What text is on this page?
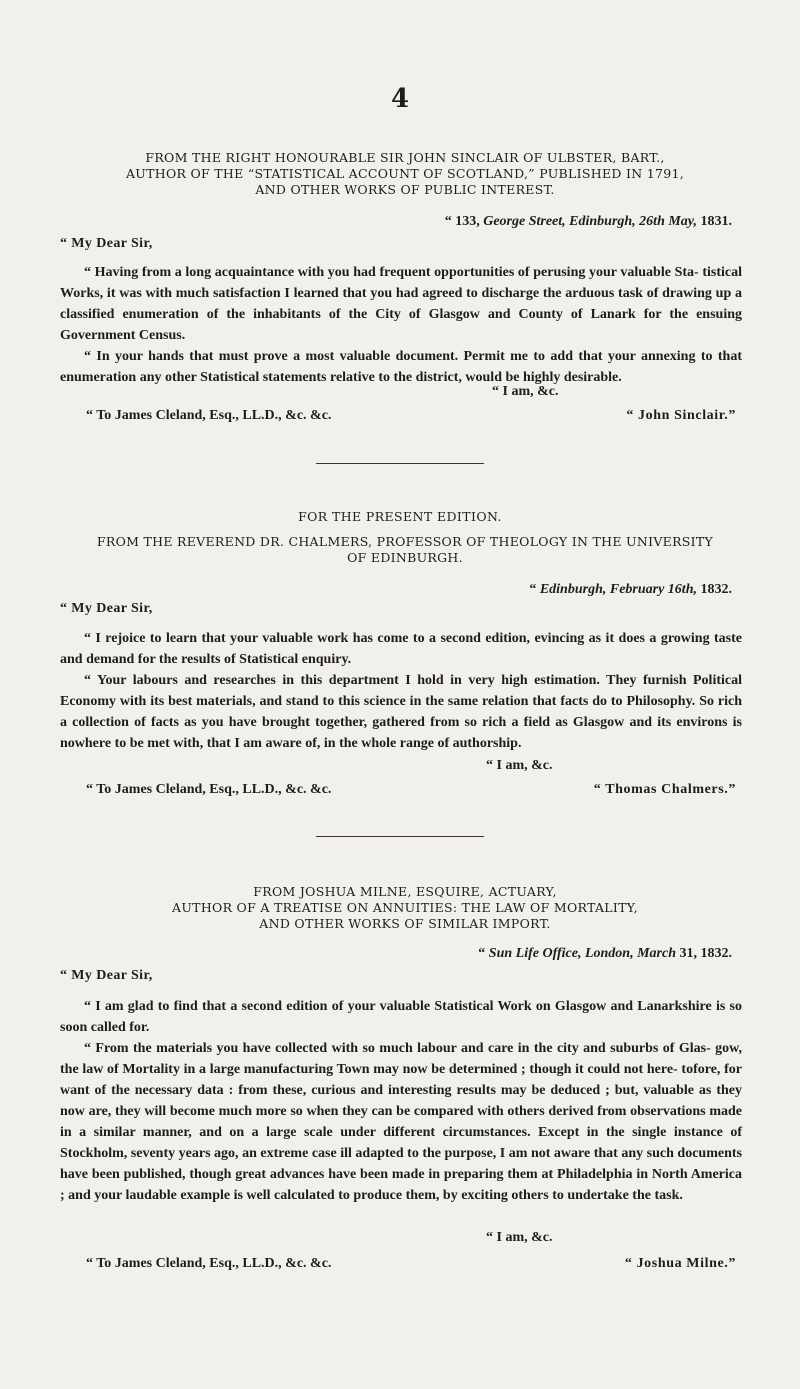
4
FROM THE RIGHT HONOURABLE SIR JOHN SINCLAIR OF ULBSTER, BART.,
AUTHOR OF THE “STATISTICAL ACCOUNT OF SCOTLAND,” PUBLISHED IN 1791,
AND OTHER WORKS OF PUBLIC INTEREST.
“ 133, George Street, Edinburgh, 26th May, 1831.
“ My Dear Sir,

“ Having from a long acquaintance with you had frequent opportunities of perusing your valuable Sta- tistical Works, it was with much satisfaction I learned that you had agreed to discharge the arduous task of drawing up a classified enumeration of the inhabitants of the City of Glasgow and County of Lanark for the ensuing Government Census.

“ In your hands that must prove a most valuable document. Permit me to add that your annexing to that enumeration any other Statistical statements relative to the district, would be highly desirable.

“ I am, &c.
“ To James Cleland, Esq., LL.D., &c. &c.	“ John Sinclair.”
FOR THE PRESENT EDITION.
FROM THE REVEREND DR. CHALMERS, PROFESSOR OF THEOLOGY IN THE UNIVERSITY
OF EDINBURGH.
“ Edinburgh, February 16th, 1832.
“ My Dear Sir,

“ I rejoice to learn that your valuable work has come to a second edition, evincing as it does a growing taste and demand for the results of Statistical enquiry.

“ Your labours and researches in this department I hold in very high estimation. They furnish Political Economy with its best materials, and stand to this science in the same relation that facts do to Philosophy. So rich a collection of facts as you have brought together, gathered from so rich a field as Glasgow and its environs is nowhere to be met with, that I am aware of, in the whole range of authorship.

“ I am, &c.
“ To James Cleland, Esq., LL.D., &c. &c.	“ Thomas Chalmers.”
FROM JOSHUA MILNE, ESQUIRE, ACTUARY,
AUTHOR OF A TREATISE ON ANNUITIES: THE LAW OF MORTALITY,
AND OTHER WORKS OF SIMILAR IMPORT.
“ Sun Life Office, London, March 31, 1832.
“ My Dear Sir,

“ I am glad to find that a second edition of your valuable Statistical Work on Glasgow and Lanarkshire is so soon called for.

“ From the materials you have collected with so much labour and care in the city and suburbs of Glas- gow, the law of Mortality in a large manufacturing Town may now be determined ; though it could not here- tofore, for want of the necessary data : from these, curious and interesting results may be deduced ; but, valuable as they now are, they will become much more so when they can be compared with others derived from observations made in a similar manner, and on a large scale under different circumstances. Except in the single instance of Stockholm, seventy years ago, an extreme case ill adapted to the purpose, I am not aware that any such documents have been published, though great advances have been made in preparing them at Philadelphia in North America ; and your laudable example is well calculated to produce them, by exciting others to undertake the task.

“ I am, &c.
“ To James Cleland, Esq., LL.D., &c. &c.	“ Joshua Milne.”
